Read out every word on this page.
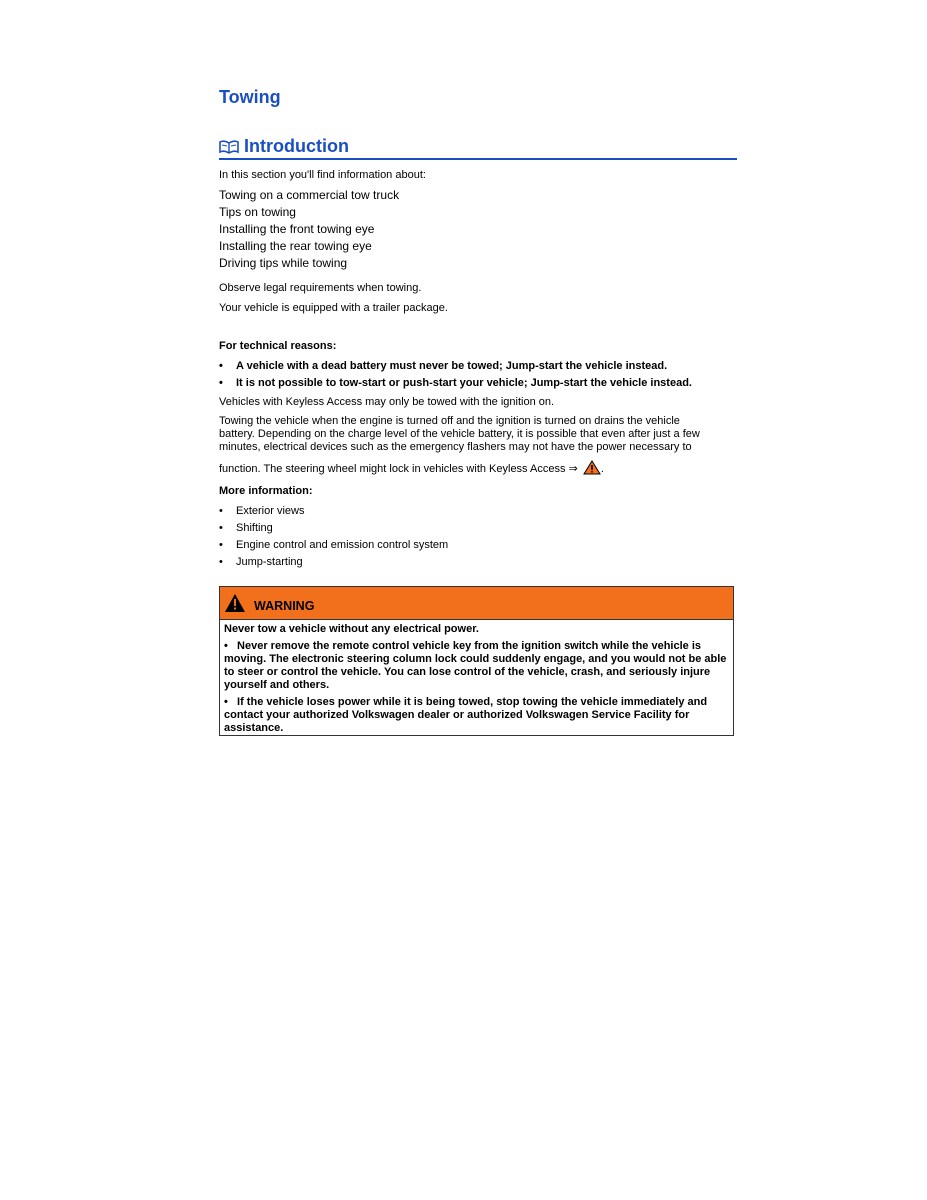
Towing
Introduction

In this section you'll find information about:

Towing on a commercial tow truck

Tips on towing

Installing the front towing eye

Installing the rear towing eye

Driving tips while towing

Observe legal requirements when towing.

Your vehicle is equipped with a trailer package.

For technical reasons:

•	A vehicle with a dead battery must never be towed; Jump-start the vehicle instead.
•	It is not possible to tow-start or push-start your vehicle; Jump-start the vehicle instead.

Vehicles with Keyless Access may only be towed with the ignition on.

Towing the vehicle when the engine is turned off and the ignition is turned on drains the vehicle

battery. Depending on the charge level of the vehicle battery, it is possible that even after just a few

minutes, electrical devices such as the emergency flashers may not have the power necessary to

function. The steering wheel might lock in vehicles with Keyless Access ⇒ .

More information:

•	Exterior views
•	Shifting
•	Engine control and emission control system
•	Jump-starting
WARNING

Never tow a vehicle without any electrical power.

•   Never remove the remote control vehicle key from the ignition switch while the vehicle is moving. The electronic steering column lock could suddenly engage, and you would not be able to steer or control the vehicle. You can lose control of the vehicle, crash, and seriously injure yourself and others.

•   If the vehicle loses power while it is being towed, stop towing the vehicle immediately and contact your authorized Volkswagen dealer or authorized Volkswagen Service Facility for assistance.
